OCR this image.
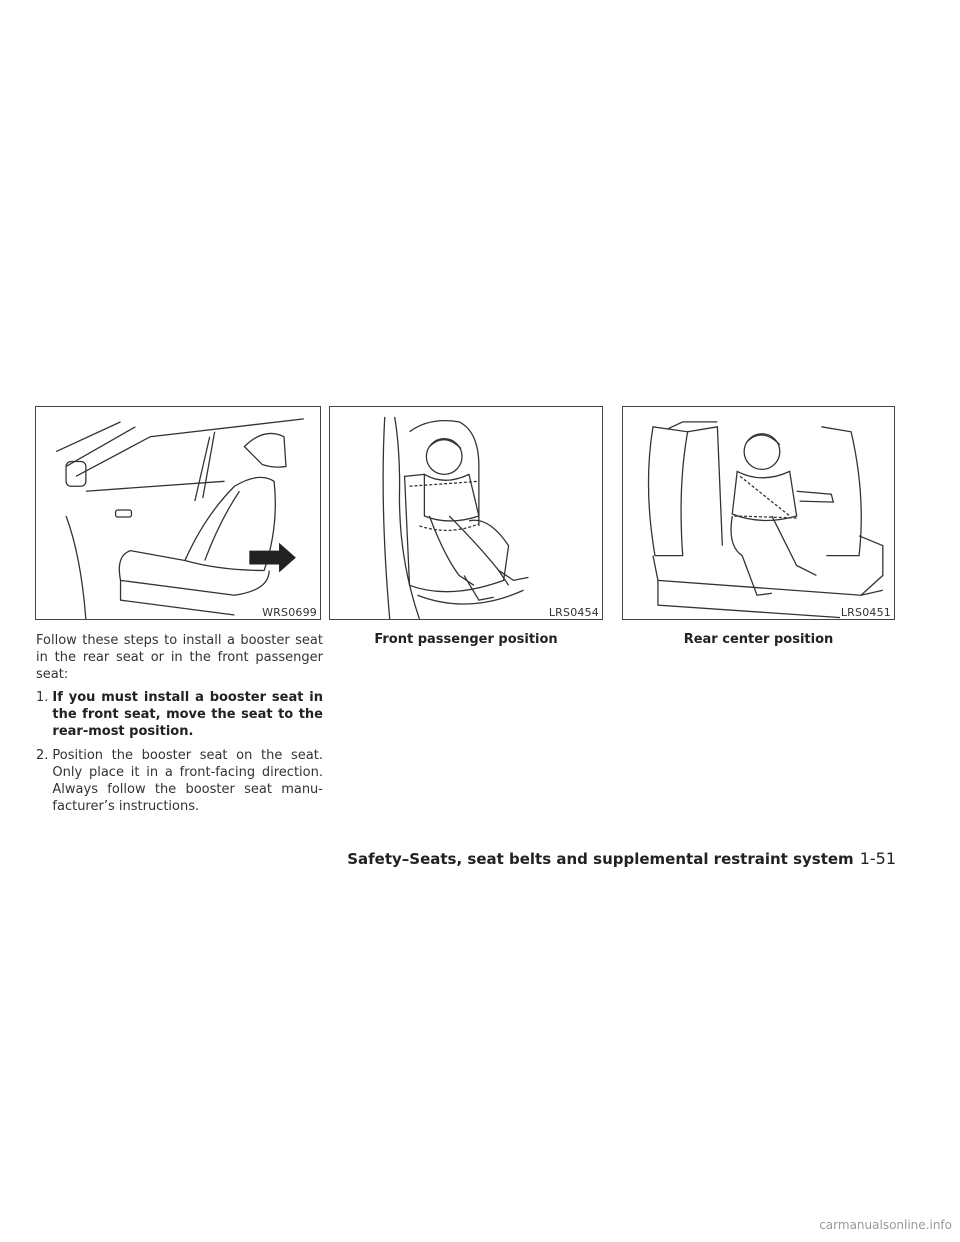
WRS0699	LRS0454	LRS0451
Front passenger position	Rear center position

Follow these steps to install a booster seat in the rear seat or in the front passenger seat:

1. If you must install a booster seat in the front seat, move the seat to the rear-most position.
2. Position the booster seat on the seat. Only place it in a front-facing direction. Always follow the booster seat manu-facturer’s instructions.
Safety–Seats, seat belts and supplemental restraint system 1-51
carmanualsonline.info
